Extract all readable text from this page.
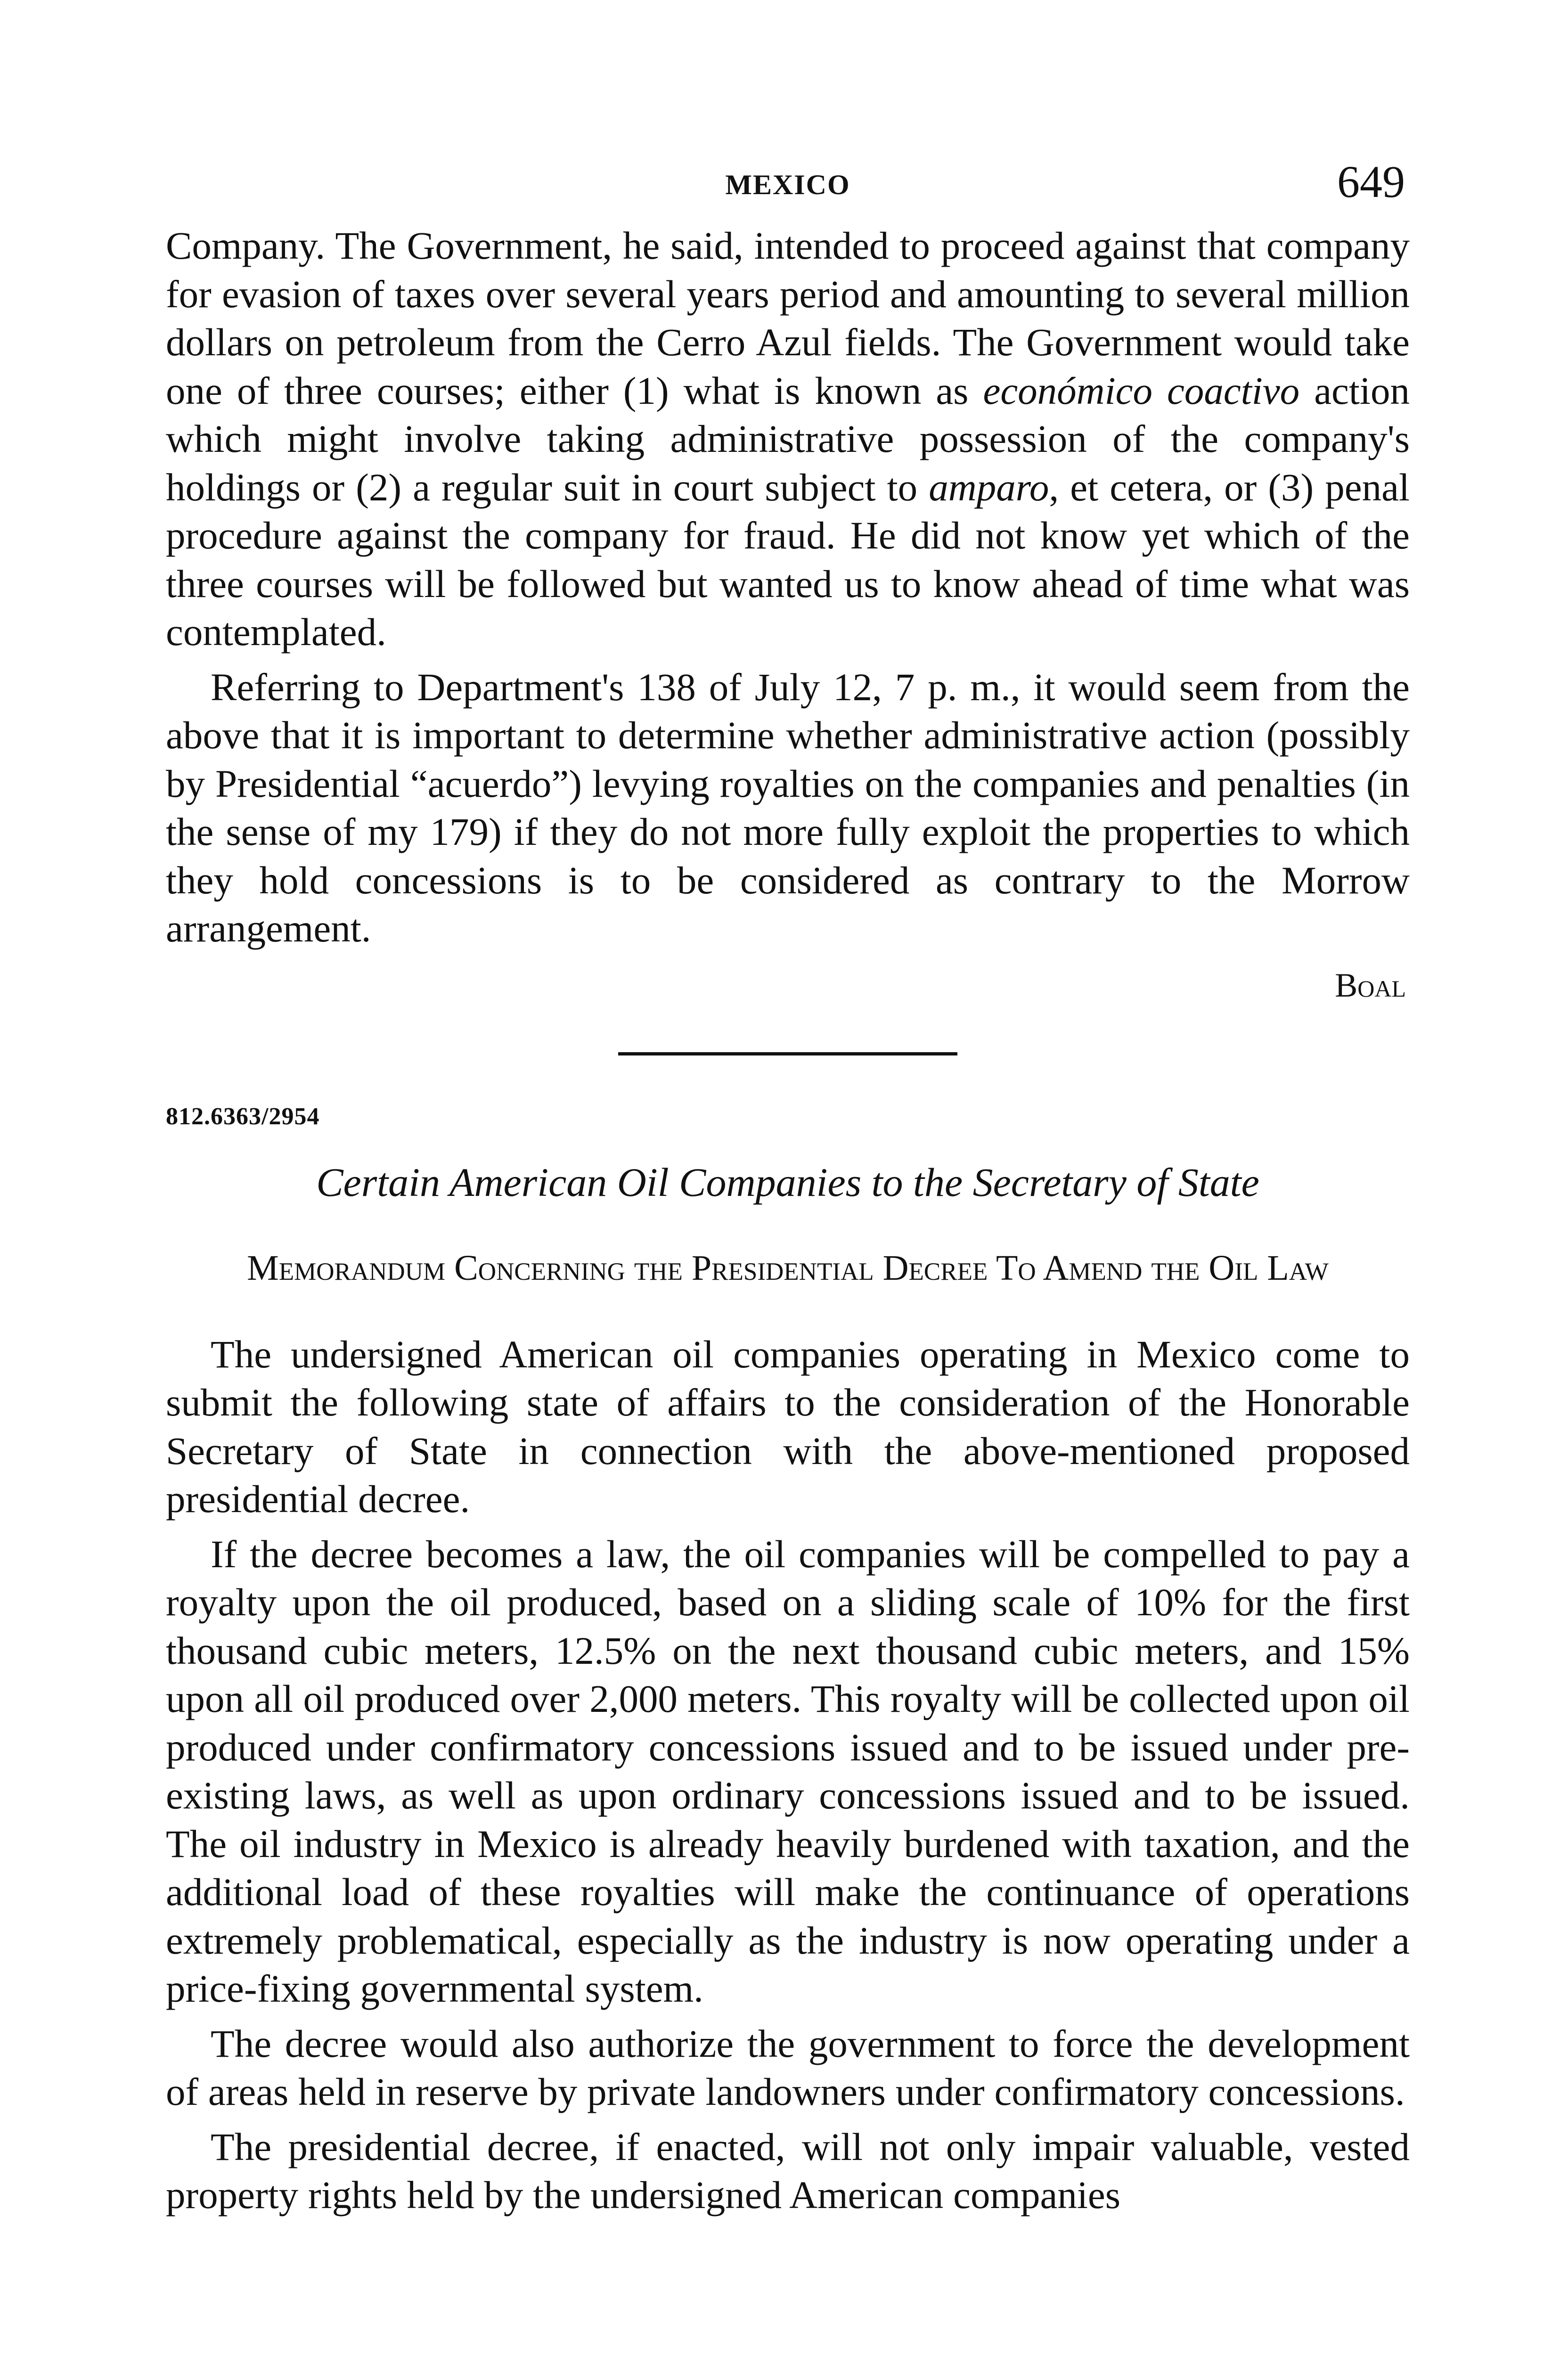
MEXICO	649

Company. The Government, he said, intended to proceed against that company for evasion of taxes over several years period and amounting to several million dollars on petroleum from the Cerro Azul fields. The Government would take one of three courses; either (1) what is known as económico coactivo action which might involve taking administrative possession of the company's holdings or (2) a regular suit in court subject to amparo, et cetera, or (3) penal procedure against the company for fraud. He did not know yet which of the three courses will be followed but wanted us to know ahead of time what was contemplated.

Referring to Department's 138 of July 12, 7 p. m., it would seem from the above that it is important to determine whether administrative action (possibly by Presidential “acuerdo”) levying royalties on the companies and penalties (in the sense of my 179) if they do not more fully exploit the properties to which they hold concessions is to be considered as contrary to the Morrow arrangement.

Boal
812.6363/2954
Certain American Oil Companies to the Secretary of State
Memorandum Concerning the Presidential Decree To Amend the Oil Law

The undersigned American oil companies operating in Mexico come to submit the following state of affairs to the consideration of the Honorable Secretary of State in connection with the above-mentioned proposed presidential decree.

If the decree becomes a law, the oil companies will be compelled to pay a royalty upon the oil produced, based on a sliding scale of 10% for the first thousand cubic meters, 12.5% on the next thousand cubic meters, and 15% upon all oil produced over 2,000 meters. This royalty will be collected upon oil produced under confirmatory concessions issued and to be issued under pre-existing laws, as well as upon ordinary concessions issued and to be issued. The oil industry in Mexico is already heavily burdened with taxation, and the additional load of these royalties will make the continuance of operations extremely problematical, especially as the industry is now operating under a price-fixing governmental system.

The decree would also authorize the government to force the development of areas held in reserve by private landowners under confirmatory concessions.

The presidential decree, if enacted, will not only impair valuable, vested property rights held by the undersigned American companies
